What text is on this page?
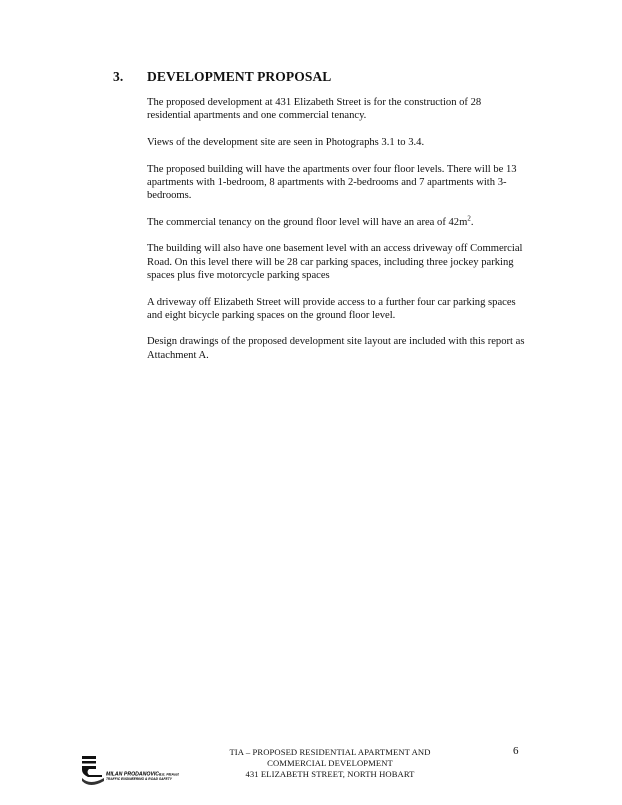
3. DEVELOPMENT PROPOSAL

The proposed development at 431 Elizabeth Street is for the construction of 28 residential apartments and one commercial tenancy.

Views of the development site are seen in Photographs 3.1 to 3.4.

The proposed building will have the apartments over four floor levels. There will be 13 apartments with 1-bedroom, 8 apartments with 2-bedrooms and 7 apartments with 3- bedrooms.

The commercial tenancy on the ground floor level will have an area of $42m^2$.

The building will also have one basement level with an access driveway off Commercial Road. On this level there will be 28 car parking spaces, including three jockey parking spaces plus five motorcycle parking spaces

A driveway off Elizabeth Street will provide access to a further four car parking spaces and eight bicycle parking spaces on the ground floor level.

Design drawings of the proposed development site layout are included with this report as Attachment A.

MILAN PRODANOVIC B.E. FIEAust
TRAFFIC ENGINEERING & ROAD SAFETY
TIA – PROPOSED RESIDENTIAL APARTMENT AND
COMMERCIAL DEVELOPMENT
431 ELIZABETH STREET, NORTH HOBART
6
